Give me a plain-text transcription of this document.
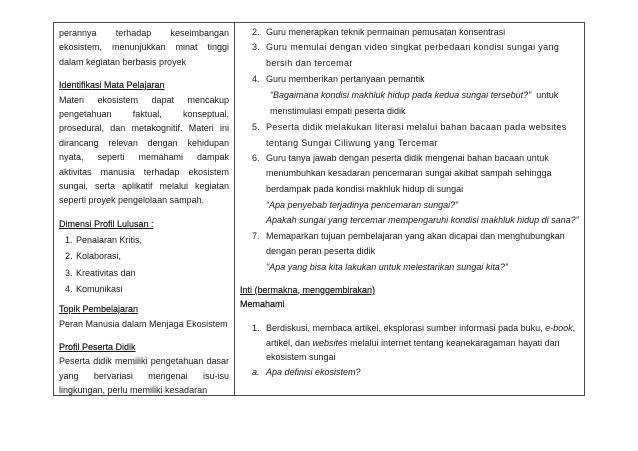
perannya terhadap keseimbangan ekosistem, menunjukkan minat tinggi dalam kegiatan berbasis proyek

Identifikasi Mata Pelajaran

Materi ekosistem dapat mencakup pengetahuan faktual, konseptual, prosedural, dan metakognitif. Materi ini dirancang relevan dengan kehidupan nyata, seperti memahami dampak aktivitas manusia terhadap ekosistem sungai, serta aplikatif melalui kegiatan seperti proyek pengelolaan sampah.

Dimensi Profil Lulusan :

1. Penalaran Kritis,
2. Kolaborasi,
3. Kreativitas dan
4. Komunikasi

Topik Pembelajaran

Peran Manusia dalam Menjaga Ekosistem

Profil Peserta Didik

Peserta didik memiliki pengetahuan dasar yang bervariasi mengenai isu-isu lingkungan, perlu memiliki kesadaran

2. Guru menerapkan teknik permainan pemusatan konsentrasi
3. Guru memulai dengan video singkat perbedaan kondisi sungai yang bersih dan tercemar
4. Guru memberikan pertanyaan pemantik
“Bagaimana kondisi makhluk hidup pada kedua sungai tersebut?” untuk menstimulasi empati peserta didik
5. Peserta didik melakukan literasi melalui bahan bacaan pada websites tentang Sungai Ciliwung yang Tercemar
6. Guru tanya jawab dengan peserta didik mengenai bahan bacaan untuk menumbuhkan kesadaran pencemaran sungai akibat sampah sehingga berdampak pada kondisi makhluk hidup di sungai
“Apa penyebab terjadinya pencemaran sungai?”
Apakah sungai yang tercemar mempengaruhi kondisi makhluk hidup di sana?”
7. Memaparkan tujuan pembelajaran yang akan dicapai dan menghubungkan dengan peran peserta didik
"Apa yang bisa kita lakukan untuk melestarikan sungai kita?”

Inti (bermakna, menggembirakan)

Memahami

1. Berdiskusi, membaca artikel, eksplorasi sumber informasi pada buku, e-book, artikel, dan websites melalui internet tentang keanekaragaman hayati dan ekosistem sungai
a. Apa definisi ekosistem?
